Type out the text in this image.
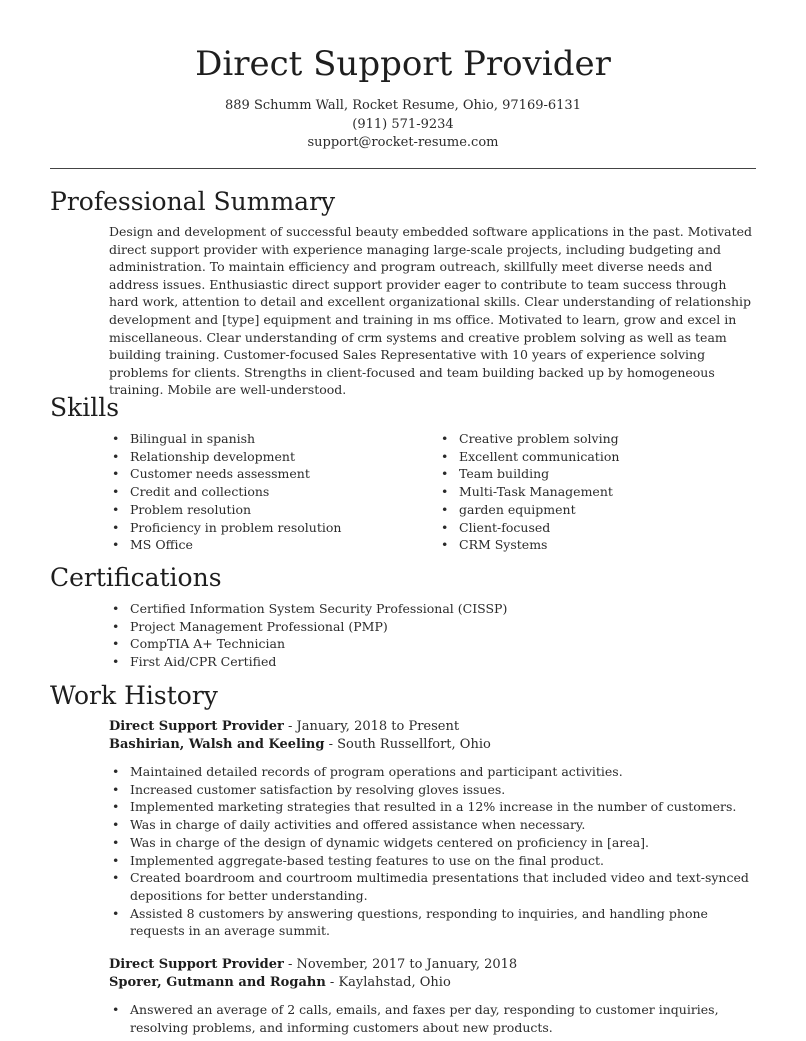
Direct Support Provider
889 Schumm Wall, Rocket Resume, Ohio, 97169-6131
(911) 571-9234
support@rocket-resume.com
Professional Summary

Design and development of successful beauty embedded software applications in the past. Motivated direct support provider with experience managing large-scale projects, including budgeting and administration. To maintain efficiency and program outreach, skillfully meet diverse needs and address issues. Enthusiastic direct support provider eager to contribute to team success through hard work, attention to detail and excellent organizational skills. Clear understanding of relationship development and [type] equipment and training in ms office. Motivated to learn, grow and excel in miscellaneous. Clear understanding of crm systems and creative problem solving as well as team building training. Customer-focused Sales Representative with 10 years of experience solving problems for clients. Strengths in client-focused and team building backed up by homogeneous training. Mobile are well-understood.

Skills
• Bilingual in spanish
• Relationship development
• Customer needs assessment
• Credit and collections
• Problem resolution
• Proficiency in problem resolution
• MS Office
• Creative problem solving
• Excellent communication
• Team building
• Multi-Task Management
• garden equipment
• Client-focused
• CRM Systems
Certifications
• Certified Information System Security Professional (CISSP)
• Project Management Professional (PMP)
• CompTIA A+ Technician
• First Aid/CPR Certified
Work History
Direct Support Provider - January, 2018 to Present
Bashirian, Walsh and Keeling - South Russellfort, Ohio
• Maintained detailed records of program operations and participant activities.
• Increased customer satisfaction by resolving gloves issues.
• Implemented marketing strategies that resulted in a 12% increase in the number of customers.
• Was in charge of daily activities and offered assistance when necessary.
• Was in charge of the design of dynamic widgets centered on proficiency in [area].
• Implemented aggregate-based testing features to use on the final product.
• Created boardroom and courtroom multimedia presentations that included video and text-synced depositions for better understanding.
• Assisted 8 customers by answering questions, responding to inquiries, and handling phone requests in an average summit.
Direct Support Provider - November, 2017 to January, 2018
Sporer, Gutmann and Rogahn - Kaylahstad, Ohio
• Answered an average of 2 calls, emails, and faxes per day, responding to customer inquiries, resolving problems, and informing customers about new products.
